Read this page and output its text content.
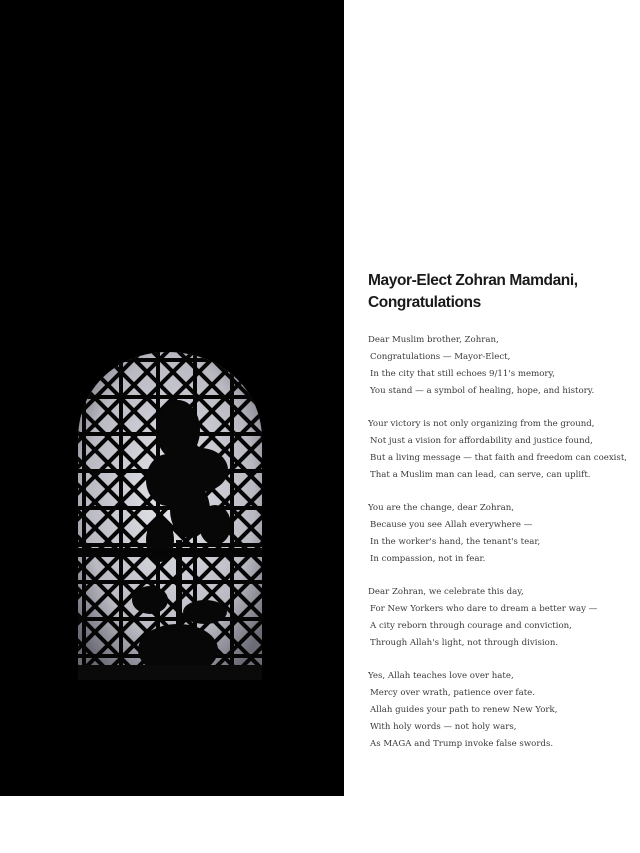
Mayor-Elect Zohran Mamdani,
Congratulations
Dear Muslim brother, Zohran,
Congratulations — Mayor-Elect,
In the city that still echoes 9/11's memory,
You stand — a symbol of healing, hope, and history.
Your victory is not only organizing from the ground,
Not just a vision for affordability and justice found,
But a living message — that faith and freedom can coexist,
That a Muslim man can lead, can serve, can uplift.
You are the change, dear Zohran,
Because you see Allah everywhere —
In the worker's hand, the tenant's tear,
In compassion, not in fear.
Dear Zohran, we celebrate this day,
For New Yorkers who dare to dream a better way —
A city reborn through courage and conviction,
Through Allah's light, not through division.
Yes, Allah teaches love over hate,
Mercy over wrath, patience over fate.
Allah guides your path to renew New York,
With holy words — not holy wars,
As MAGA and Trump invoke false swords.
